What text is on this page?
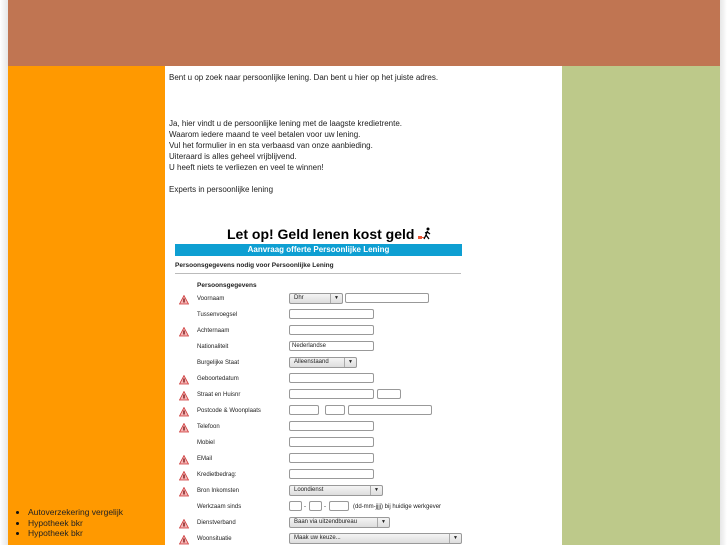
Bent u op zoek naar persoonlijke lening. Dan bent u hier op het juiste adres.

Ja, hier vindt u de persoonlijke lening met de laagste kredietrente.

Waarom iedere maand te veel betalen voor uw lening.

Vul het formulier in en sta verbaasd van onze aanbieding.

Uiteraard is alles geheel vrijblijvend.

U heeft niets te verliezen en veel te winnen!

Experts in persoonlijke lening
Let op! Geld lenen kost geld
Aanvraag offerte Persoonlijke Lening
Persoonsgegevens nodig voor Persoonlijke Lening
Persoonsgegevens
Voornaam	Dhr	▼
Tussenvoegsel
Achternaam
Nationaliteit	Nederlandse
Burgelijke Staat	Alleenstaand	▼
Geboortedatum
Straat en Huisnr
Postcode & Woonplaats
Telefoon
Mobiel
EMail
Kredietbedrag:
Bron Inkomsten	Loondienst	▼
Werkzaam sinds	-	-	(dd-mm-jjjj) bij huidige werkgever
Dienstverband	Baan via uitzendbureau	▼
Woonsituatie	Maak uw keuze...	▼
Autoverzekering vergelijk
Hypotheek bkr
Hypotheek bkr
